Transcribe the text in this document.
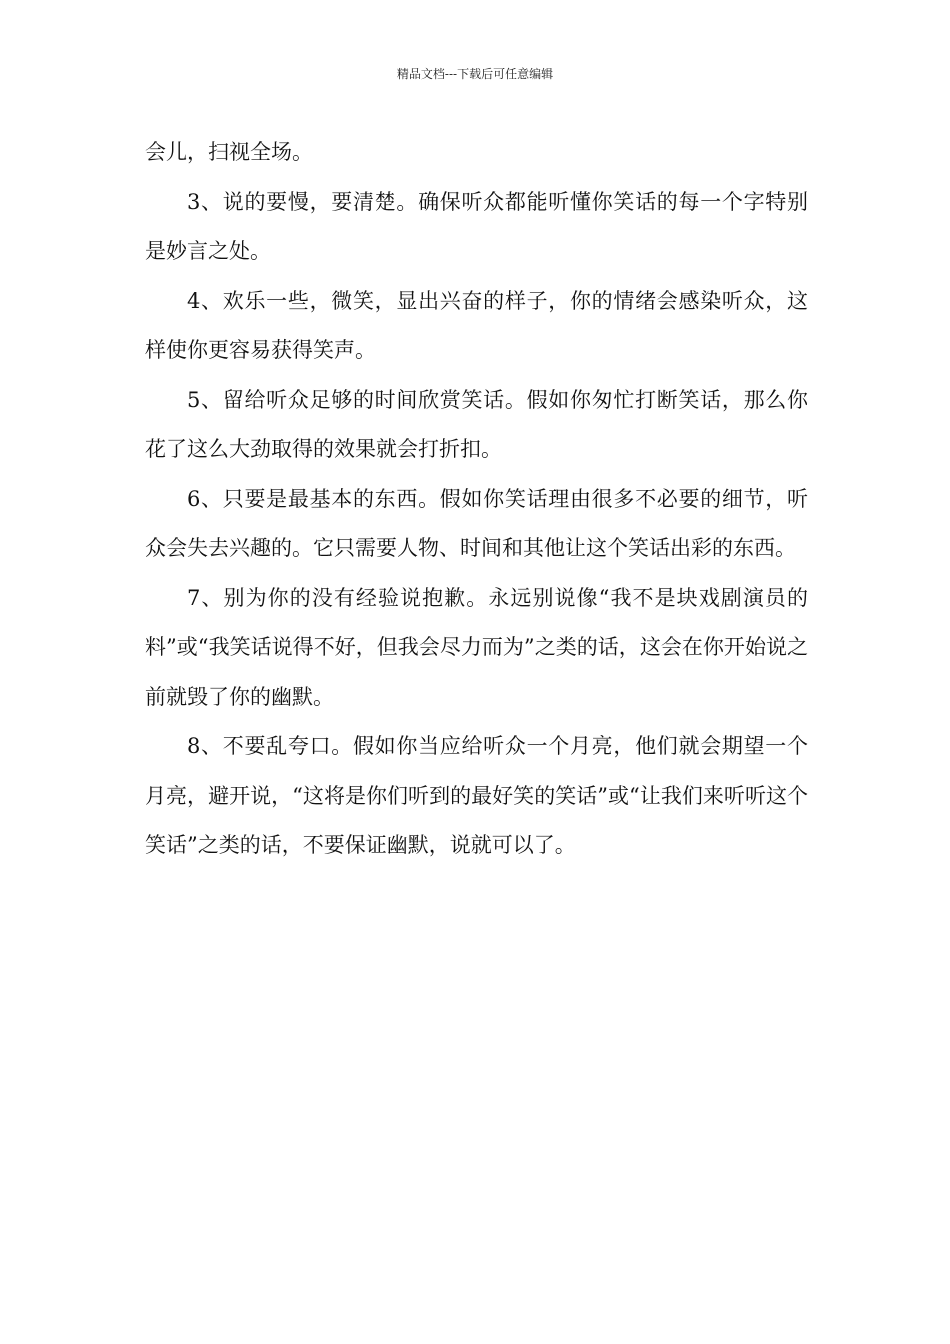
精品文档---下载后可任意编辑

会儿，扫视全场。

3、说的要慢，要清楚。确保听众都能听懂你笑话的每一个字特别是妙言之处。

4、欢乐一些，微笑，显出兴奋的样子，你的情绪会感染听众，这样使你更容易获得笑声。

5、留给听众足够的时间欣赏笑话。假如你匆忙打断笑话，那么你花了这么大劲取得的效果就会打折扣。

6、只要是最基本的东西。假如你笑话理由很多不必要的细节，听众会失去兴趣的。它只需要人物、时间和其他让这个笑话出彩的东西。

7、别为你的没有经验说抱歉。永远别说像“我不是块戏剧演员的料”或“我笑话说得不好，但我会尽力而为”之类的话，这会在你开始说之前就毁了你的幽默。

8、不要乱夸口。假如你当应给听众一个月亮，他们就会期望一个月亮，避开说，“这将是你们听到的最好笑的笑话”或“让我们来听听这个笑话”之类的话，不要保证幽默，说就可以了。
